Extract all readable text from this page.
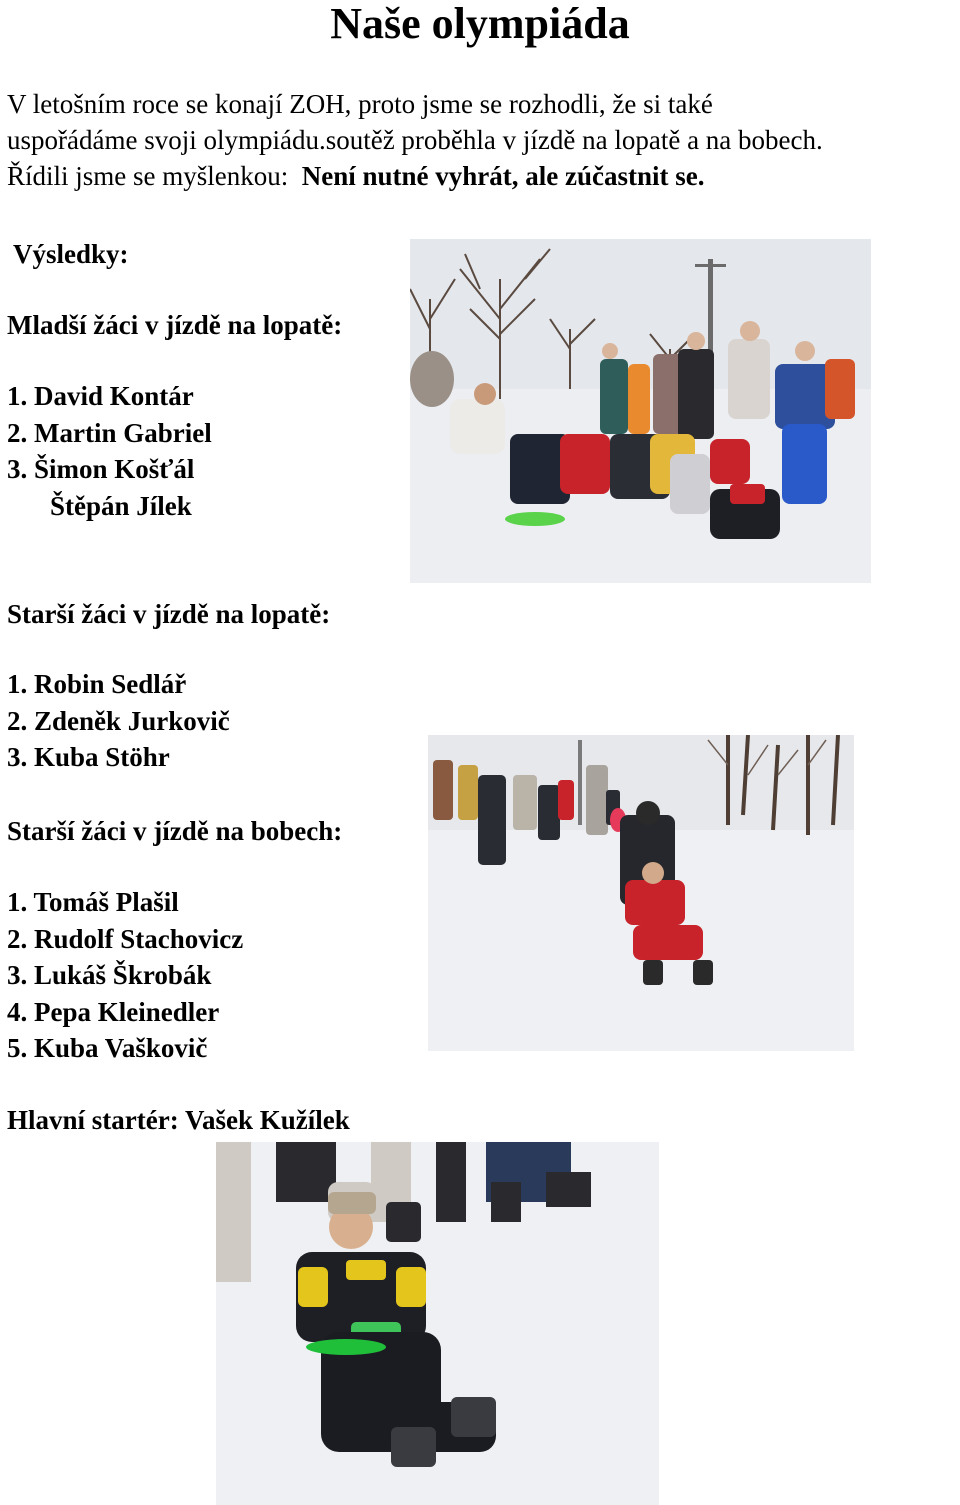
Naše olympiáda

V letošním roce se konají ZOH, proto jsme se rozhodli, že si také
uspořádáme svoji olympiádu.soutěž proběhla v jízdě na lopatě a na bobech.
Řídili jsme se myšlenkou:  Není nutné vyhrát, ale zúčastnit se.

Výsledky:
Mladší žáci v jízdě na lopatě:
1. David Kontár
2. Martin Gabriel
3. Šimon Košťál
Štěpán Jílek
Starší žáci v jízdě na lopatě:
1. Robin Sedlář
2. Zdeněk Jurkovič
3. Kuba Stöhr
Starší žáci v jízdě na bobech:
1. Tomáš Plašil
2. Rudolf Stachovicz
3. Lukáš Škrobák
4. Pepa Kleinedler
5. Kuba Vaškovič
Hlavní startér: Vašek Kužílek
